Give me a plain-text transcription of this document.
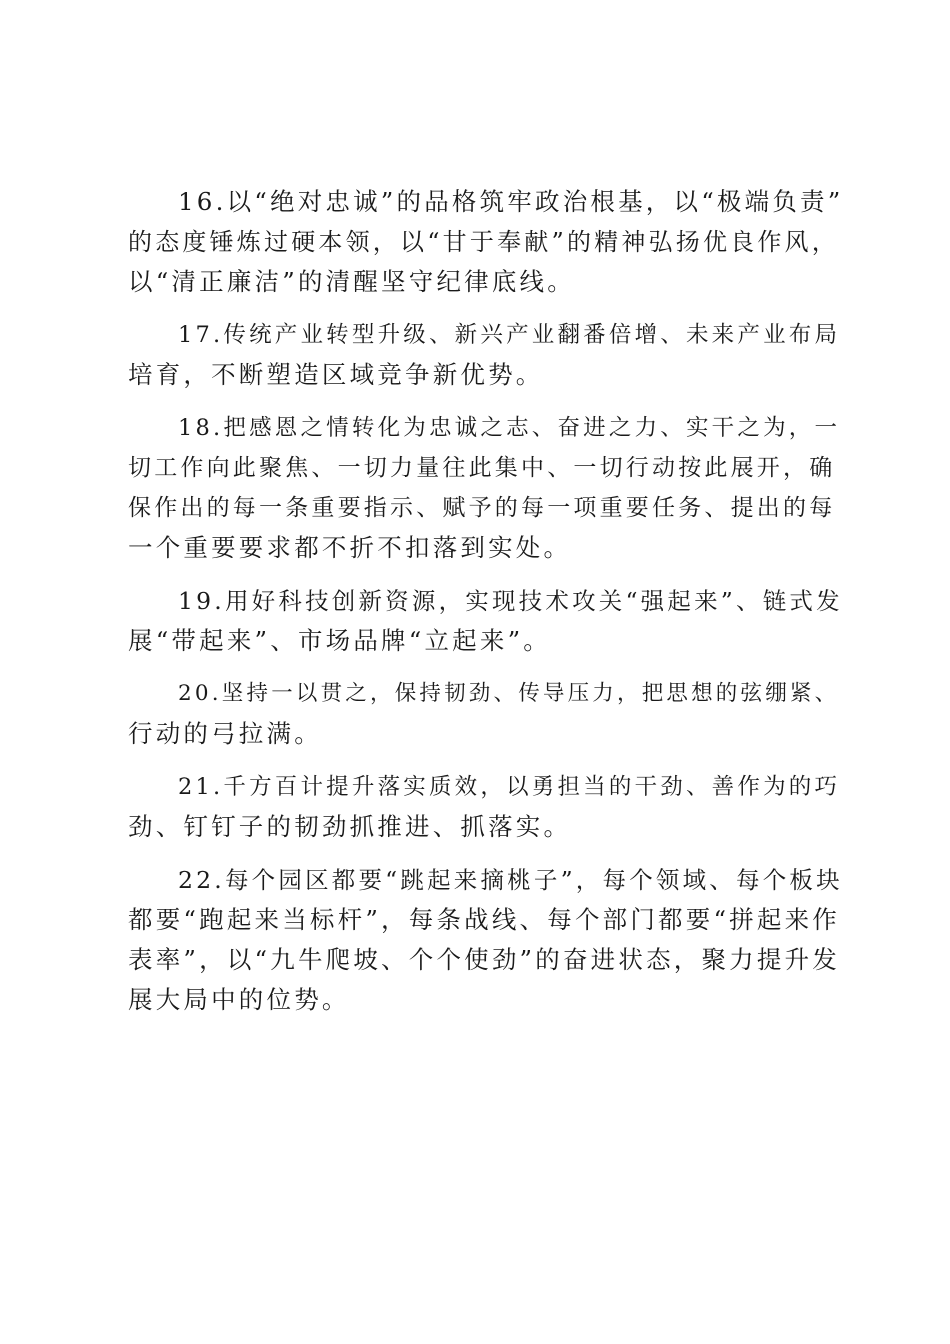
16.以“绝对忠诚”的品格筑牢政治根基，以“极端负责”
的态度锤炼过硬本领，以“甘于奉献”的精神弘扬优良作风，
以“清正廉洁”的清醒坚守纪律底线。
17.传统产业转型升级、新兴产业翻番倍增、未来产业布局
培育，不断塑造区域竞争新优势。
18.把感恩之情转化为忠诚之志、奋进之力、实干之为，一
切工作向此聚焦、一切力量往此集中、一切行动按此展开，确
保作出的每一条重要指示、赋予的每一项重要任务、提出的每
一个重要要求都不折不扣落到实处。
19.用好科技创新资源，实现技术攻关“强起来”、链式发
展“带起来”、市场品牌“立起来”。
20.坚持一以贯之，保持韧劲、传导压力，把思想的弦绷紧、
行动的弓拉满。
21.千方百计提升落实质效，以勇担当的干劲、善作为的巧
劲、钉钉子的韧劲抓推进、抓落实。
22.每个园区都要“跳起来摘桃子”，每个领域、每个板块
都要“跑起来当标杆”，每条战线、每个部门都要“拼起来作
表率”，以“九牛爬坡、个个使劲”的奋进状态，聚力提升发
展大局中的位势。
